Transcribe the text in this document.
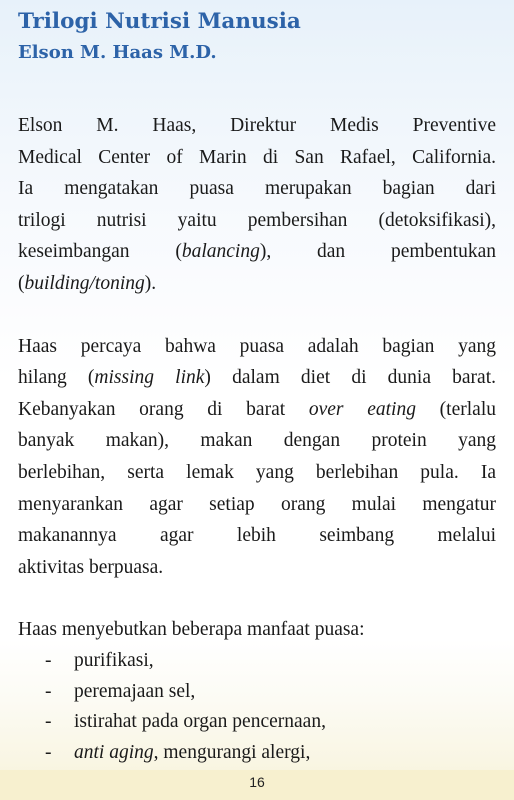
Trilogi Nutrisi Manusia
Elson M. Haas M.D.

Elson M. Haas, Direktur Medis Preventive
Medical Center of Marin di San Rafael, California.
Ia mengatakan puasa merupakan bagian dari
trilogi nutrisi yaitu pembersihan (detoksifikasi),
keseimbangan (balancing), dan pembentukan
(building/toning).

Haas percaya bahwa puasa adalah bagian yang
hilang (missing link) dalam diet di dunia barat.
Kebanyakan orang di barat over eating (terlalu
banyak makan), makan dengan protein yang
berlebihan, serta lemak yang berlebihan pula. Ia
menyarankan agar setiap orang mulai mengatur
makanannya agar lebih seimbang melalui
aktivitas berpuasa.

Haas menyebutkan beberapa manfaat puasa:

- purifikasi,
- peremajaan sel,
- istirahat pada organ pencernaan,
- anti aging, mengurangi alergi,
16
